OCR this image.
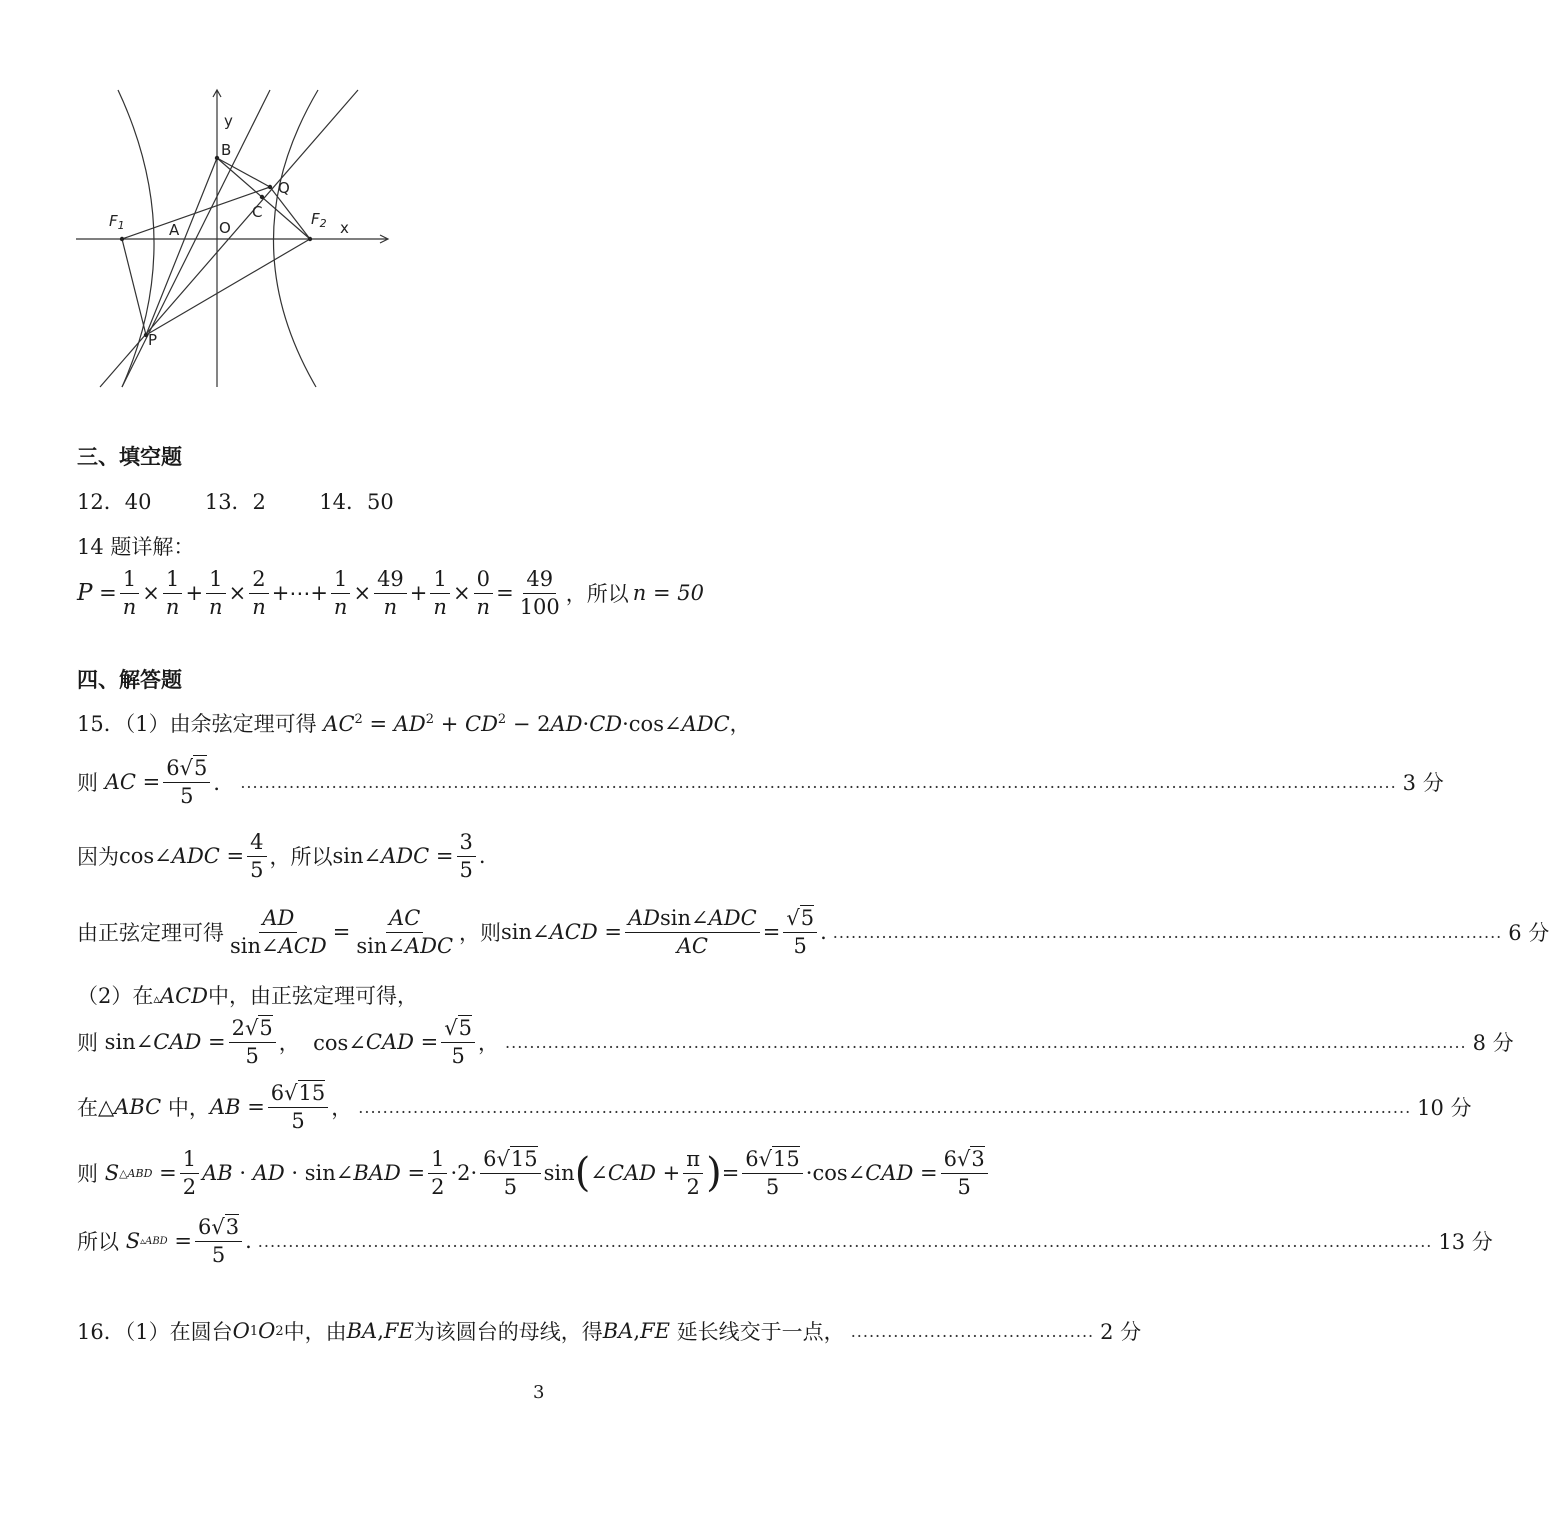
y
x
B
Q
C
A	O
P
$F_1$	$F_2$
三、填空题
12．40	13．2	14．50
14 题详解：
$P = \frac{1}{n} \times \frac{1}{n} + \frac{1}{n} \times \frac{2}{n}$ +⋯+ $\frac{1}{n} \times \frac{49}{n} + \frac{1}{n} \times \frac{0}{n} = \frac{49}{100}$ ，所以 n = 50
四、解答题
15．（1）由余弦定理可得 $AC^2 = AD^2 + CD^2$ − 2AD·CD·cos∠ADC，
则
AC = $\frac{6√5}{5}$ ． .............................................................................................................................................................................................. 3 分
因为 cos∠ ADC = $\frac{4}{5}$ ，所以 sin∠ ADC = $\frac{3}{5}$ .
由正弦定理可得 $\frac{AD}{\text{sin∠ACD}} = \frac{AC}{\text{sin∠ADC}}$ ，则 sin∠ ACD = $\frac{\text{ADsin∠ADC}}{AC} = \frac{√5}{5}$ . .............................................................................................................. 6 分
（2）在▵ACD中，由正弦定理可得，
则 sin∠ CAD = $\frac{2√5}{5}$ ，  cos∠ CAD = $\frac{√5}{5}$ ， .............................................................................................................................................................. 8 分
在 △ ABC
中， AB = $\frac{6√15}{5}$ ， ............................................................................................................................................................................. 10 分
则
S △ABD = $\frac{1}{2}$ AB · AD · sin∠ BAD = $\frac{1}{2} \cdot 2\cdot \frac{6√15}{5}$ sin ( ∠ CAD + $\frac{\pi}{2}$ ) = $\frac{6√15}{5}$ ·cos∠ CAD = $\frac{6√3}{5}$
所以
S ▵ABD = $\frac{6√3}{5}$ . ................................................................................................................................................................................................. 13 分
16．（1）在圆台 O 1 O 2 中，由 BA , FE 为该圆台的母线，得 BA , FE
延长线交于一点， ........................................ 2 分
3
